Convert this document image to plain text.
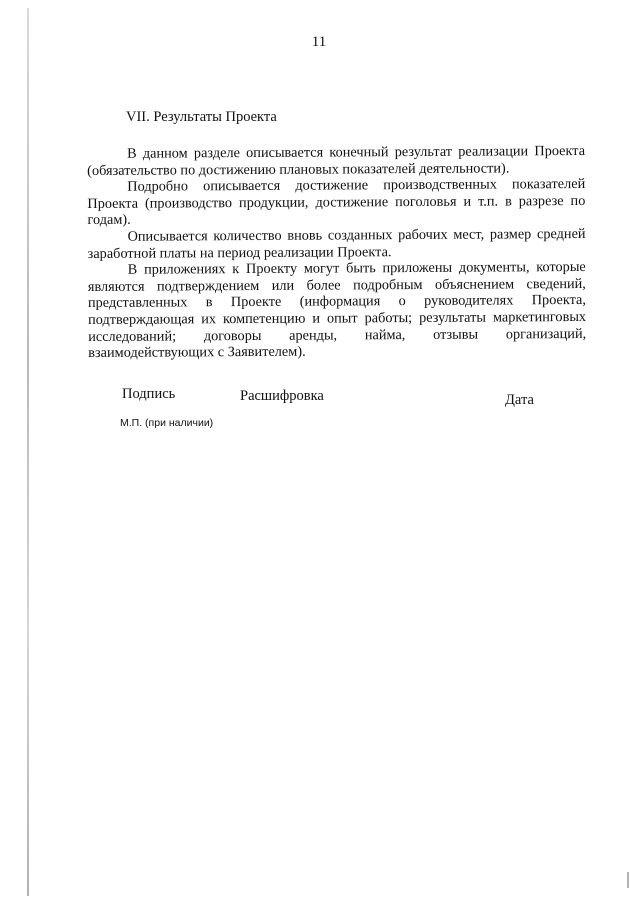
11
VII. Результаты Проекта

В данном разделе описывается конечный результат реализации Проекта (обязательство по достижению плановых показателей деятельности).

Подробно описывается достижение производственных показателей Проекта (производство продукции, достижение поголовья и т.п. в разрезе по годам).

Описывается количество вновь созданных рабочих мест, размер средней заработной платы на период реализации Проекта.

В приложениях к Проекту могут быть приложены документы, которые являются подтверждением или более подробным объяснением сведений, представленных в Проекте (информация о руководителях Проекта, подтверждающая их компетенцию и опыт работы; результаты маркетинговых исследований; договоры аренды, найма, отзывы организаций, взаимодействующих с Заявителем).

Подпись	Расшифровка	Дата
М.П. (при наличии)
